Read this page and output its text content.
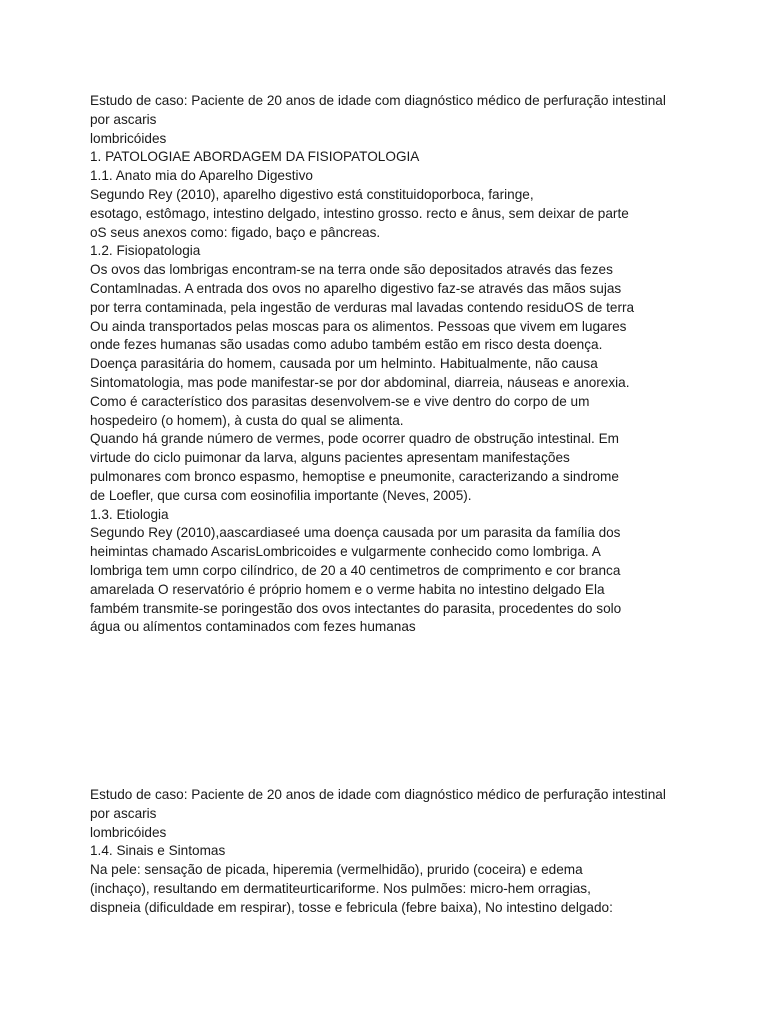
Estudo de caso: Paciente de 20 anos de idade com diagnóstico médico de perfuração intestinal
por ascaris
lombricóides
1. PATOLOGIAE ABORDAGEM DA FISIOPATOLOGIA
1.1. Anato mia do Aparelho Digestivo
Segundo Rey (2010), aparelho digestivo está constituidoporboca, faringe,
esotago, estômago, intestino delgado, intestino grosso. recto e ânus, sem deixar de parte
oS seus anexos como: figado, baço e pâncreas.
1.2. Fisiopatologia
Os ovos das lombrigas encontram-se na terra onde são depositados através das fezes
Contamlnadas. A entrada dos ovos no aparelho digestivo faz-se através das mãos sujas
por terra contaminada, pela ingestão de verduras mal lavadas contendo residuOS de terra
Ou ainda transportados pelas moscas para os alimentos. Pessoas que vivem em lugares
onde fezes humanas são usadas como adubo também estão em risco desta doença.
Doença parasitária do homem, causada por um helminto. Habitualmente, não causa
Sintomatologia, mas pode manifestar-se por dor abdominal, diarreia, náuseas e anorexia.
Como é característico dos parasitas desenvolvem-se e vive dentro do corpo de um
hospedeiro (o homem), à custa do qual se alimenta.
Quando há grande número de vermes, pode ocorrer quadro de obstrução intestinal. Em
virtude do ciclo puimonar da larva, alguns pacientes apresentam manifestações
pulmonares com bronco espasmo, hemoptise e pneumonite, caracterizando a sindrome
de Loefler, que cursa com eosinofilia importante (Neves, 2005).
1.3. Etiologia
Segundo Rey (2010),aascardiaseé uma doença causada por um parasita da família dos
heimintas chamado AscarisLombricoides e vulgarmente conhecido como lombriga. A
lombriga tem umn corpo cilíndrico, de 20 a 40 centimetros de comprimento e cor branca
amarelada O reservatório é próprio homem e o verme habita no intestino delgado Ela
fambém transmite-se poringestão dos ovos intectantes do parasita, procedentes do solo
água ou alímentos contaminados com fezes humanas
Estudo de caso: Paciente de 20 anos de idade com diagnóstico médico de perfuração intestinal
por ascaris
lombricóides
1.4. Sinais e Sintomas
Na pele: sensação de picada, hiperemia (vermelhidão), prurido (coceira) e edema
(inchaço), resultando em dermatiteurticariforme. Nos pulmões: micro-hem orragias,
dispneia (dificuldade em respirar), tosse e febricula (febre baixa), No intestino delgado:
